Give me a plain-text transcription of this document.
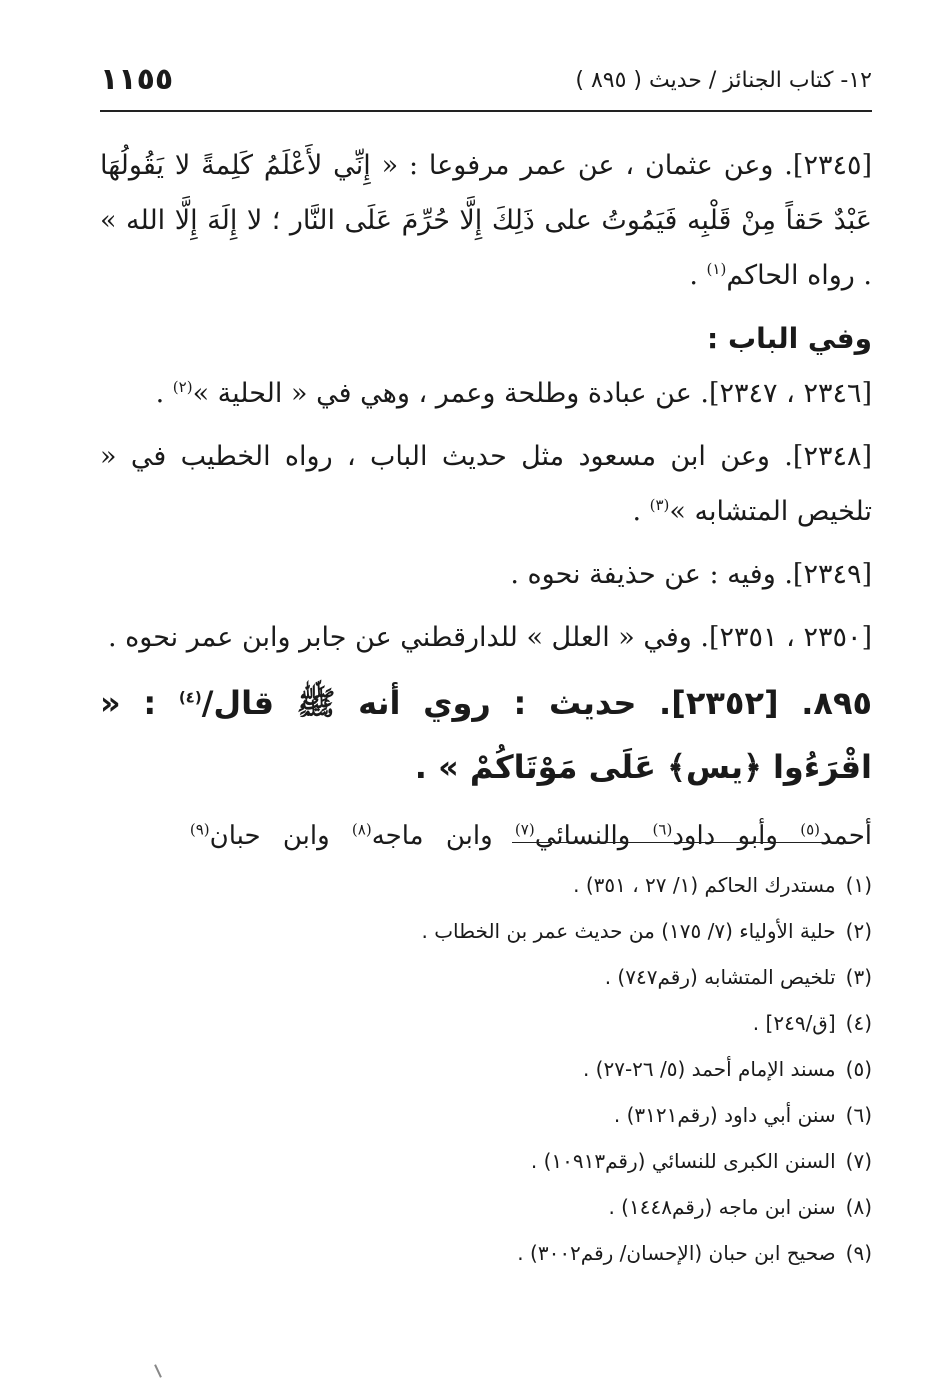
١٢- كتاب الجنائز / حديث ( ٨٩٥ )
١١٥٥

[٢٣٤٥]. وعن عثمان ، عن عمر مرفوعا : « إِنِّي لأَعْلَمُ كَلِمةً لا يَقُولُهَا عَبْدٌ حَقاً مِنْ قَلْبِه فَيَمُوتُ على ذَلِكَ إِلَّا حُرِّمَ عَلَى النَّار ؛ لا إِلَهَ إِلَّا الله » . رواه الحاكم$^{(١)}$ .

وفي الباب :

[٢٣٤٦ ، ٢٣٤٧]. عن عبادة وطلحة وعمر ، وهي في « الحلية »$^{(٢)}$ .

[٢٣٤٨]. وعن ابن مسعود مثل حديث الباب ، رواه الخطيب في « تلخيص المتشابه »$^{(٣)}$ .

[٢٣٤٩]. وفيه : عن حذيفة نحوه .

[٢٣٥٠ ، ٢٣٥١]. وفي « العلل » للدارقطني عن جابر وابن عمر نحوه .

٨٩٥. [٢٣٥٢]. حديث : روي أنه ﷺ قال/$^{(٤)}$ : « اقْرَءُوا ﴿يس﴾ عَلَى مَوْتَاكُمْ » .

أحمد$^{(٥)}$ وأبو داود$^{(٦)}$ والنسائي$^{(٧)}$ وابن ماجه$^{(٨)}$ وابن حبان$^{(٩)}$

(١)مستدرك الحاكم (١/ ٢٧ ، ٣٥١) .
(٢)حلية الأولياء (٧/ ١٧٥) من حديث عمر بن الخطاب .
(٣)تلخيص المتشابه (رقم٧٤٧) .
(٤)[ق/٢٤٩] .
(٥)مسند الإمام أحمد (٥/ ٢٦-٢٧) .
(٦)سنن أبي داود (رقم٣١٢١) .
(٧)السنن الكبرى للنسائي (رقم١٠٩١٣) .
(٨)سنن ابن ماجه (رقم١٤٤٨) .
(٩)صحيح ابن حبان (الإحسان/ رقم٣٠٠٢) .
